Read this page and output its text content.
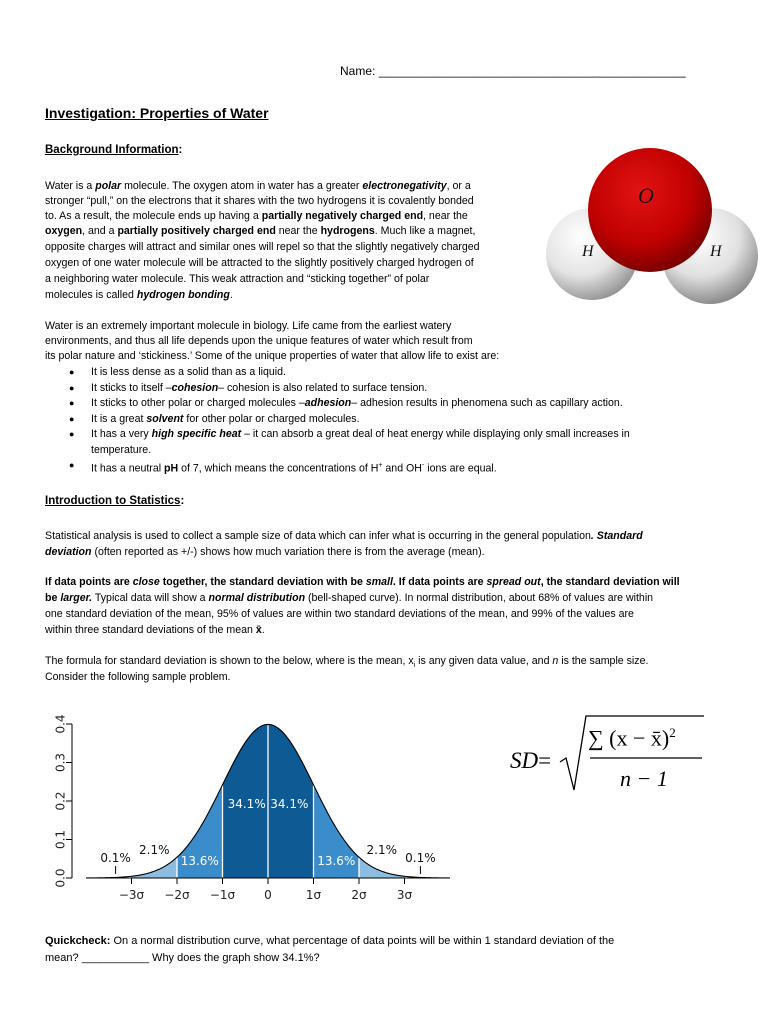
Name: ______________________________________________
Investigation: Properties of Water
Background Information:
Water is a polar molecule. The oxygen atom in water has a greater electronegativity, or a
stronger “pull,” on the electrons that it shares with the two hydrogens it is covalently bonded
to. As a result, the molecule ends up having a partially negatively charged end, near the
oxygen, and a partially positively charged end near the hydrogens. Much like a magnet,
opposite charges will attract and similar ones will repel so that the slightly negatively charged
oxygen of one water molecule will be attracted to the slightly positively charged hydrogen of
a neighboring water molecule. This weak attraction and “sticking together” of polar
molecules is called hydrogen bonding.
O
H	H
Water is an extremely important molecule in biology. Life came from the earliest watery
environments, and thus all life depends upon the unique features of water which result from
its polar nature and ‘stickiness.’ Some of the unique properties of water that allow life to exist are:
● It is less dense as a solid than as a liquid.
● It sticks to itself –cohesion– cohesion is also related to surface tension.
● It sticks to other polar or charged molecules –adhesion– adhesion results in phenomena such as capillary action.
● It is a great solvent for other polar or charged molecules.
● It has a very high specific heat – it can absorb a great deal of heat energy while displaying only small increases in
temperature.
● It has a neutral pH of 7, which means the concentrations of H+ and OH- ions are equal.
Introduction to Statistics:
Statistical analysis is used to collect a sample size of data which can infer what is occurring in the general population. Standard
deviation (often reported as +/-) shows how much variation there is from the average (mean).
If data points are close together, the standard deviation with be small. If data points are spread out, the standard deviation will
be larger. Typical data will show a normal distribution (bell-shaped curve). In normal distribution, about 68% of values are within
one standard deviation of the mean, 95% of values are within two standard deviations of the mean, and 99% of the values are
within three standard deviations of the mean x̄.
The formula for standard deviation is shown to the below, where is the mean, $x_i$ is any given data value, and n is the sample size.
Consider the following sample problem.
0.0
0.1
0.2
0.3
0.4
−3σ −2σ −1σ 0	1σ	2σ	3σ
2.1%
13.6%
34.1% 34.1%
13.6%
2.1%
0.1%	0.1%
SD=
∑ (x − x̄)$^2$
n − 1
Quickcheck: On a normal distribution curve, what percentage of data points will be within 1 standard deviation of the
mean? ___________ Why does the graph show 34.1%?
